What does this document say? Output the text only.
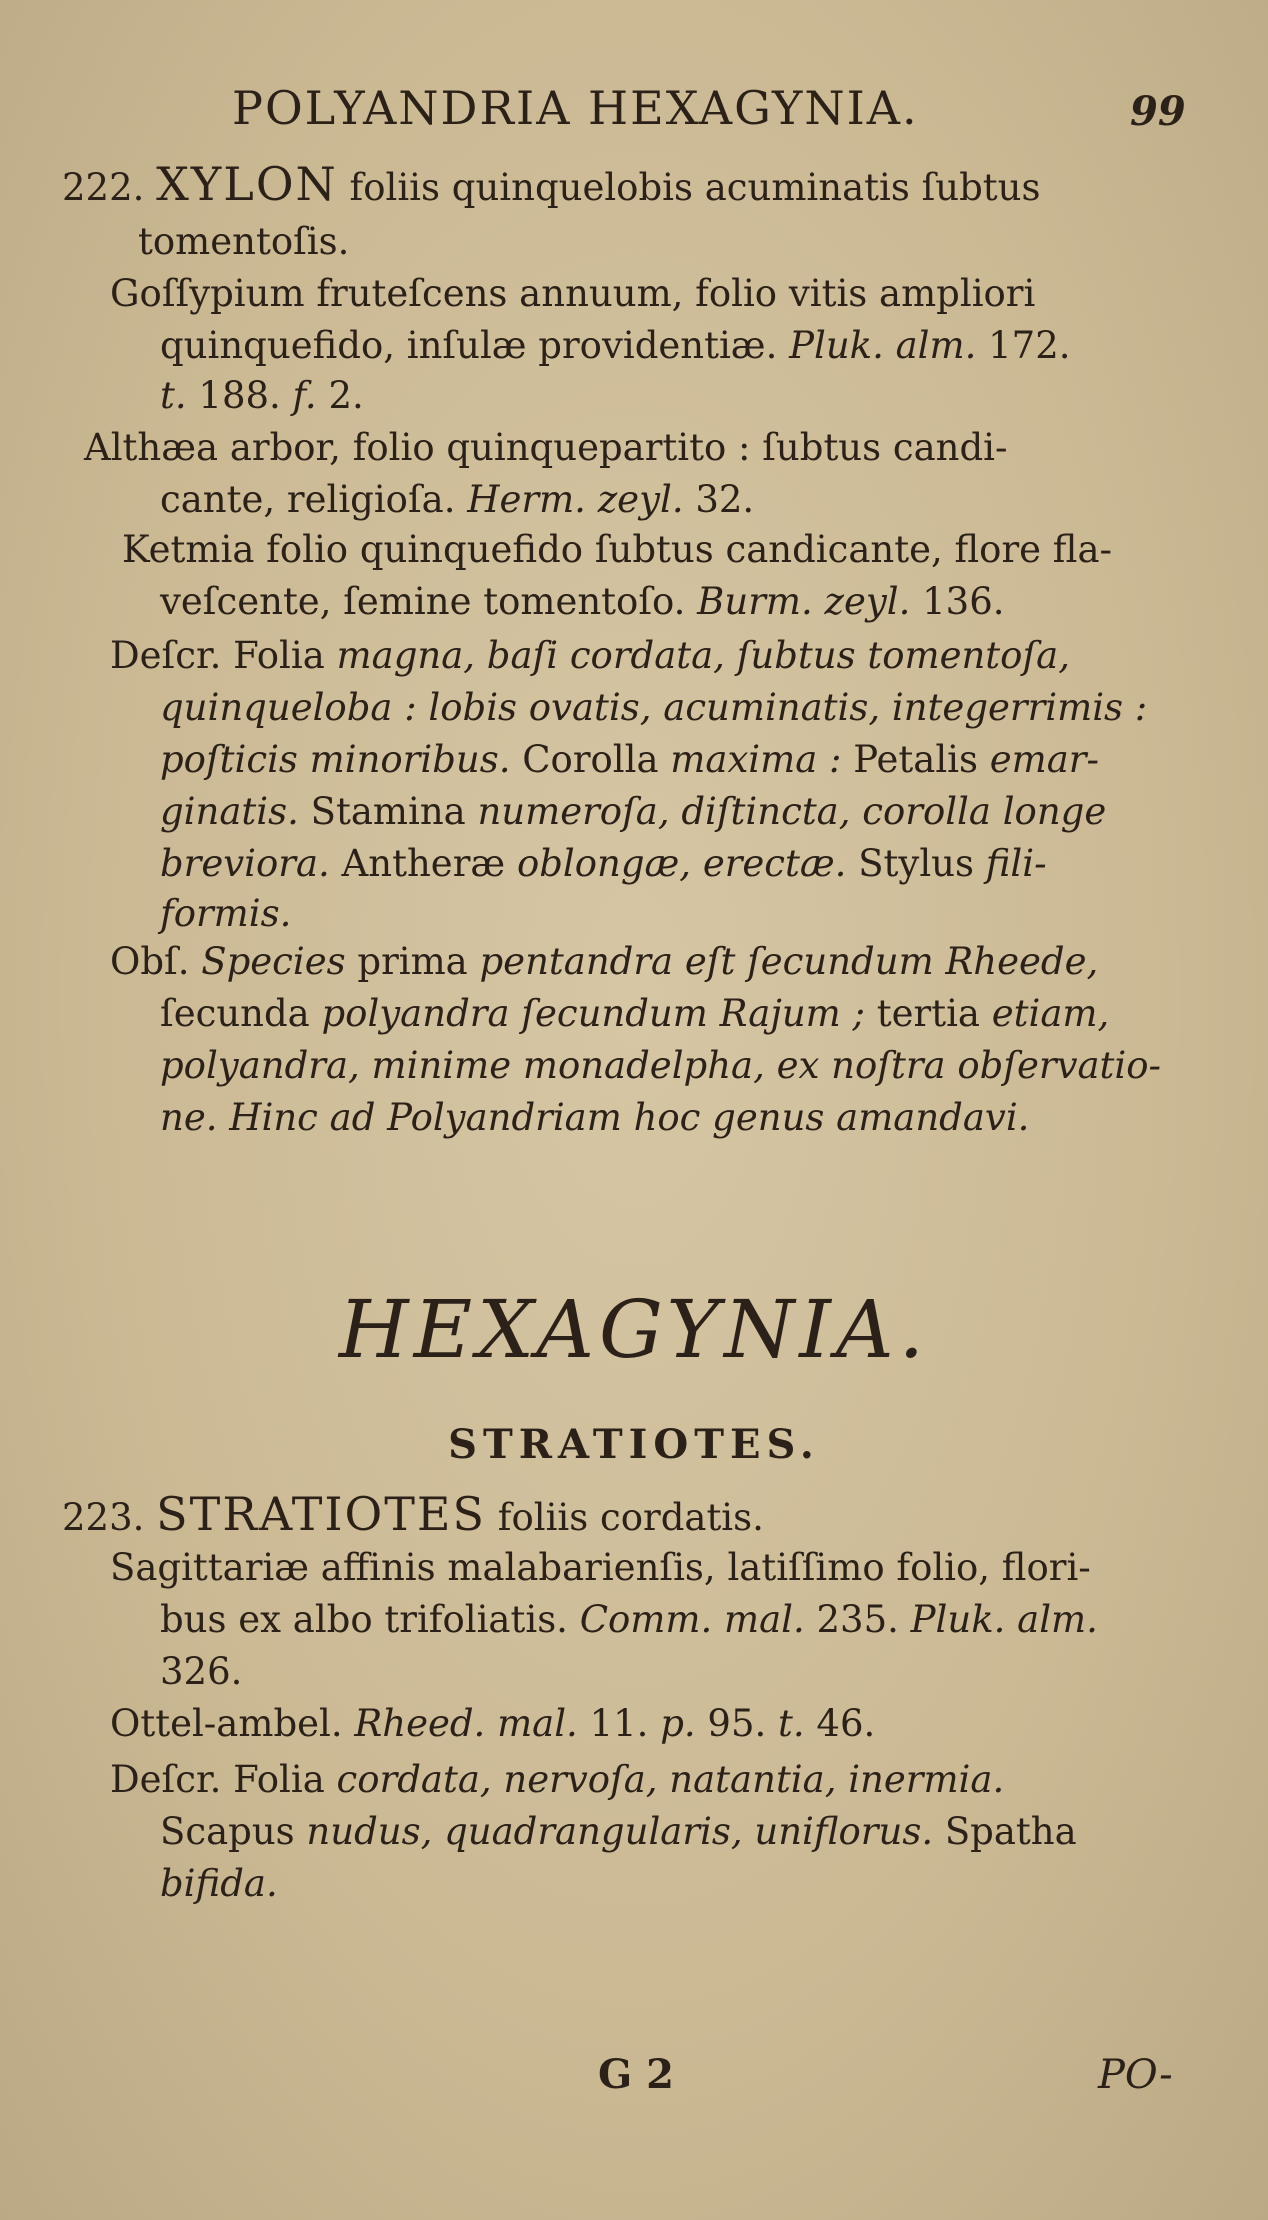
POLYANDRIA HEXAGYNIA.	99
222. XYLON foliis quinquelobis acuminatis ſubtus
tomentoſis.
Goſſypium frutеſcens annuum, folio vitis ampliori
quinquefido, inſulæ providentiæ. Pluk. alm. 172.
t. 188. f. 2.
Althæa arbor, folio quinquepartito : ſubtus candi-
cante, religioſa. Herm. zeyl. 32.
Ketmia folio quinquefido ſubtus candicante, flore fla-
veſcente, ſemine tomentoſo. Burm. zeyl. 136.
Deſcr. Folia magna, baſi cordata, ſubtus tomentoſa,
quinqueloba : lobis ovatis, acuminatis, integerrimis :
poſticis minoribus. Corolla maxima : Petalis emar-
ginatis. Stamina numeroſa, diſtincta, corolla longe
breviora. Antheræ oblongæ, erectæ. Stylus fili-
formis.
Obſ. Species prima pentandra eſt ſecundum Rheede,
ſecunda polyandra ſecundum Rajum ; tertia etiam,
polyandra, minime monadelpha, ex noſtra obſervatio-
ne. Hinc ad Polyandriam hoc genus amandavi.
HEXAGYNIA.
STRATIOTES.
223. STRATIOTES foliis cordatis.
Sagittariæ affinis malabarienſis, latiſſimo folio, flori-
bus ex albo trifoliatis. Comm. mal. 235. Pluk. alm.
326.
Ottel-ambel. Rheed. mal. 11. p. 95. t. 46.
Deſcr. Folia cordata, nervoſa, natantia, inermia.
Scapus nudus, quadrangularis, uniflorus. Spatha
bifida.
G 2	PO-
